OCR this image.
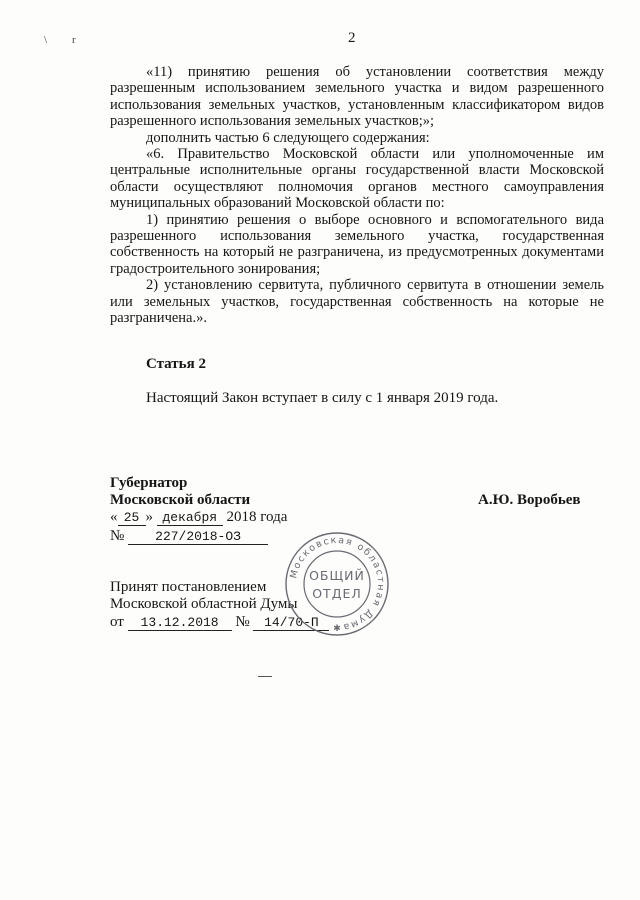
2
\ r

«11) принятию решения об установлении соответствия между разрешенным использованием земельного участка и видом разрешенного использования земельных участков, установленным классификатором видов разрешенного использования земельных участков;»;

дополнить частью 6 следующего содержания:

«6. Правительство Московской области или уполномоченные им центральные исполнительные органы государственной власти Московской области осуществляют полномочия органов местного самоуправления муниципальных образований Московской области по:

1) принятию решения о выборе основного и вспомогательного вида разрешенного использования земельного участка, государственная собственность на который не разграничена, из предусмотренных документами градостроительного зонирования;

2) установлению сервитута, публичного сервитута в отношении земель или земельных участков, государственная собственность на которые не разграничена.».

Статья 2
Настоящий Закон вступает в силу с 1 января 2019 года.
Губернатор
Московской области	А.Ю. Воробьев
« 25 » декабря 2018 года
№ 227/2018-ОЗ
Принят постановлением
Московской областной Думы
от 13.12.2018 № 14/70-П
Московская областная Дума
ОБЩИЙ
ОТДЕЛ
✱
